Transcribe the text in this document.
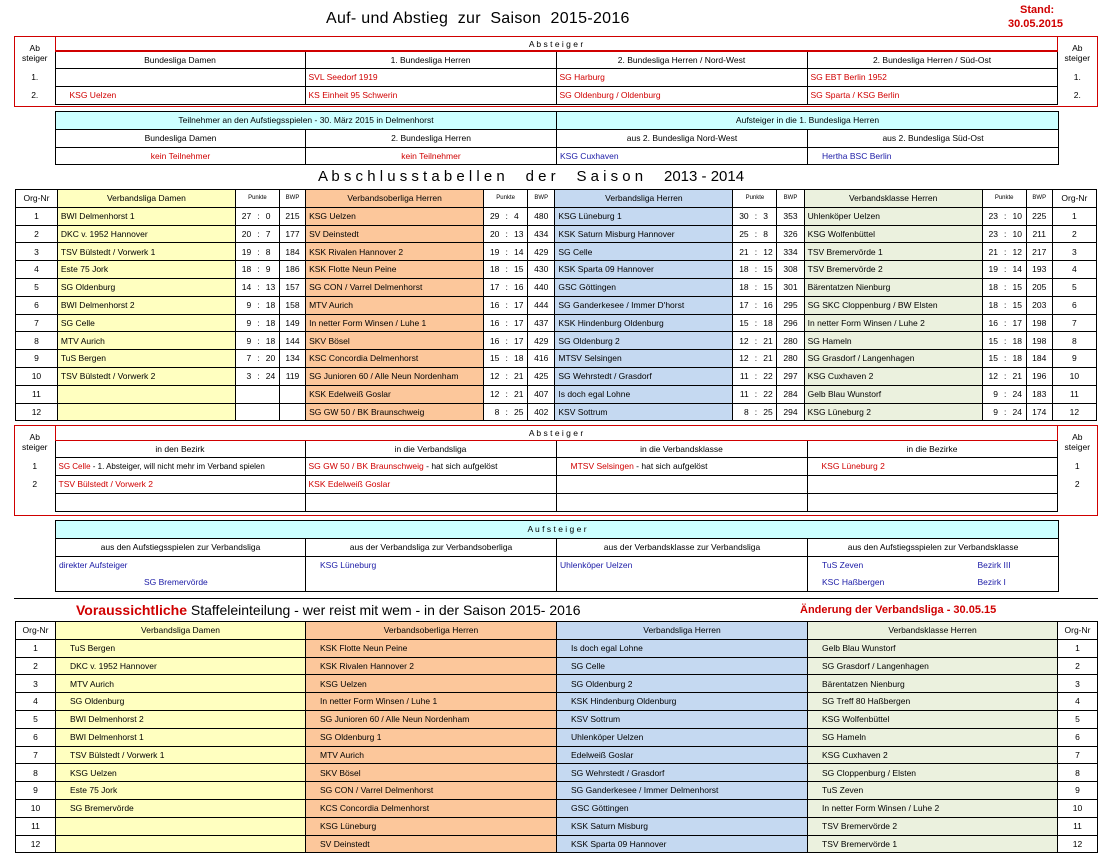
Auf- und Abstieg  zur  Saison  2015-2016	Stand:
30.05.2015
Ab
steiger	A b s t e i g e r				Ab
steiger
	Bundesliga Damen	1. Bundesliga Herren	2. Bundesliga Herren / Nord-West	2. Bundesliga Herren / Süd-Ost	
1.		SVL Seedorf 1919	SG Harburg	SG EBT Berlin 1952	1.
2.	KSG Uelzen	KS Einheit 95 Schwerin	SG Oldenburg / Oldenburg	SG Sparta / KSG Berlin	2.
Teilnehmer an den Aufstiegsspielen - 30. März 2015 in Delmenhorst		Aufsteiger in die 1. Bundesliga Herren	
Bundesliga Damen	2. Bundesliga Herren	aus 2. Bundesliga Nord-West	aus 2. Bundesliga Süd-Ost
kein Teilnehmer	kein Teilnehmer	KSG Cuxhaven	Hertha BSC Berlin
A b s c h l u s s t a b e l l e n     d e r     S a i s o n     2013 - 2014
Org-Nr	Verbandsliga Damen	Punkte			BWP	Verbandsoberliga Herren	Punkte			BWP	Verbandsliga Herren	Punkte			BWP	Verbandsklasse Herren	Punkte			BWP	Org-Nr
1	BWI Delmenhorst 1	27	:	0	215	KSG Uelzen	29	:	4	480	KSG Lüneburg 1	30	:	3	353	Uhlenköper Uelzen	23	:	10	225	1
2	DKC v. 1952 Hannover	20	:	7	177	SV Deinstedt	20	:	13	434	KSK Saturn Misburg Hannover	25	:	8	326	KSG Wolfenbüttel	23	:	10	211	2
3	TSV Bülstedt / Vorwerk 1	19	:	8	184	KSK Rivalen Hannover 2	19	:	14	429	SG Celle	21	:	12	334	TSV Bremervörde 1	21	:	12	217	3
4	Este 75 Jork	18	:	9	186	KSK Flotte Neun Peine	18	:	15	430	KSK Sparta 09 Hannover	18	:	15	308	TSV Bremervörde 2	19	:	14	193	4
5	SG Oldenburg	14	:	13	157	SG CON / Varrel Delmenhorst	17	:	16	440	GSC Göttingen	18	:	15	301	Bärentatzen Nienburg	18	:	15	205	5
6	BWI Delmenhorst 2	9	:	18	158	MTV Aurich	16	:	17	444	SG Ganderkesee / Immer D'horst	17	:	16	295	SG SKC Cloppenburg / BW Elsten	18	:	15	203	6
7	SG Celle	9	:	18	149	In netter Form Winsen / Luhe 1	16	:	17	437	KSK Hindenburg Oldenburg	15	:	18	296	In netter Form Winsen / Luhe 2	16	:	17	198	7
8	MTV Aurich	9	:	18	144	SKV Bösel	16	:	17	429	SG Oldenburg 2	12	:	21	280	SG Hameln	15	:	18	198	8
9	TuS Bergen	7	:	20	134	KSC Concordia Delmenhorst	15	:	18	416	MTSV Selsingen	12	:	21	280	SG Grasdorf / Langenhagen	15	:	18	184	9
10	TSV Bülstedt / Vorwerk 2	3	:	24	119	SG Junioren 60 / Alle Neun Nordenham	12	:	21	425	SG Wehrstedt / Grasdorf	11	:	22	297	KSG Cuxhaven 2	12	:	21	196	10
11						KSK Edelweiß Goslar	12	:	21	407	Is doch egal Lohne	11	:	22	284	Gelb Blau Wunstorf	9	:	24	183	11
12						SG GW 50 / BK Braunschweig	8	:	25	402	KSV Sottrum	8	:	25	294	KSG Lüneburg 2	9	:	24	174	12
Ab
steiger	A b s t e i g e r				Ab
steiger
	in den Bezirk	in die Verbandsliga	in die Verbandsklasse	in die Bezirke	
1	SG Celle - 1. Absteiger, will nicht mehr im Verband spielen	SG GW 50 / BK Braunschweig - hat sich aufgelöst	MTSV Selsingen - hat sich aufgelöst	KSG Lüneburg 2	1
2	TSV Bülstedt / Vorwerk 2	KSK Edelweiß Goslar			2

A u f s t e i g e r				
aus den Aufstiegsspielen zur Verbandsliga	aus der Verbandsliga zur Verbandsoberliga	aus der Verbandsklasse zur Verbandsliga	aus den Aufstiegsspielen zur Verbandsklasse	
direkter Aufsteiger	KSG Lüneburg	Uhlenköper Uelzen	TuS Zeven	Bezirk III
SG Bremervörde			KSC Haßbergen	Bezirk I
Voraussichtliche Staffeleinteilung - wer reist mit wem - in der Saison 2015- 2016	Änderung der Verbandsliga - 30.05.15
Org-Nr	Verbandsliga Damen	Verbandsoberliga Herren	Verbandsliga Herren	Verbandsklasse Herren	Org-Nr
1	TuS Bergen	KSK Flotte Neun Peine	Is doch egal Lohne	Gelb Blau Wunstorf	1
2	DKC v. 1952 Hannover	KSK Rivalen Hannover 2	SG Celle	SG Grasdorf / Langenhagen	2
3	MTV Aurich	KSG Uelzen	SG Oldenburg 2	Bärentatzen Nienburg	3
4	SG Oldenburg	In netter Form Winsen / Luhe 1	KSK Hindenburg Oldenburg	SG Treff 80 Haßbergen	4
5	BWI Delmenhorst 2	SG Junioren 60 / Alle Neun Nordenham	KSV Sottrum	KSG Wolfenbüttel	5
6	BWI Delmenhorst 1	SG Oldenburg 1	Uhlenköper Uelzen	SG Hameln	6
7	TSV Bülstedt / Vorwerk 1	MTV Aurich	Edelweiß Goslar	KSG Cuxhaven 2	7
8	KSG Uelzen	SKV Bösel	SG Wehrstedt / Grasdorf	SG Cloppenburg / Elsten	8
9	Este 75 Jork	SG CON / Varrel Delmenhorst	SG Ganderkesee / Immer Delmenhorst	TuS Zeven	9
10	SG Bremervörde	KCS Concordia Delmenhorst	GSC Göttingen	In netter Form Winsen / Luhe 2	10
11		KSG Lüneburg	KSK Saturn Misburg	TSV Bremervörde 2	11
12		SV Deinstedt	KSK Sparta 09 Hannover	TSV Bremervörde 1	12
